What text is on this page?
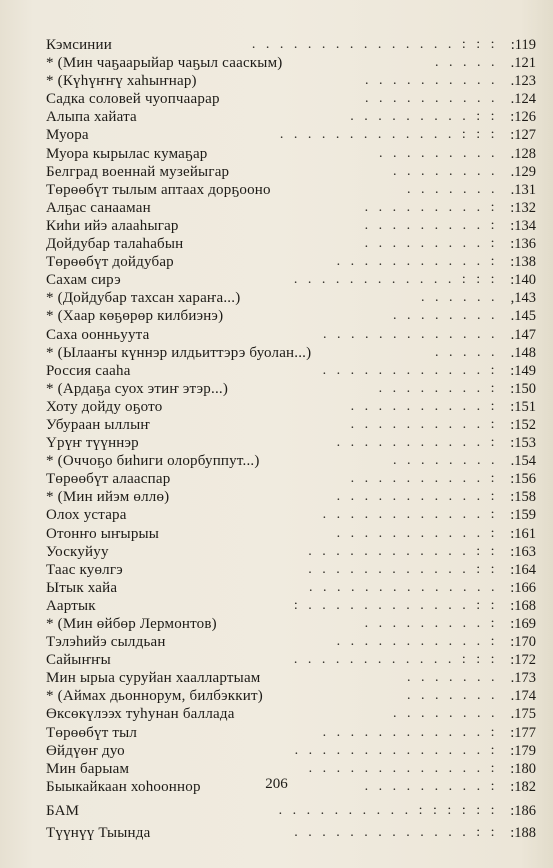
Кэмсинии	. . . . . . . . . . . . . . . : : : :119
* (Мин чаҕаарыйар чаҕыл сааскым)	. . . . . .121
* (Күһүҥҥү хаһыҥнар)	. . . . . . . . . . .123
Садка соловей чуопчаарар	. . . . . . . . . . .124
Алыпа хайата	. . . . . . . . . : : :126
Муора	. . . . . . . . . . . . . : : : :127
Муора кырылас кумаҕар	. . . . . . . . . .128
Белград военнай музейыгар	. . . . . . . . .129
Төрөөбүт тылым аптаах дорҕооно	. . . . . . . .131
Алҕас санааман	. . . . . . . . . : :132
Киһи ийэ алааһыгар	. . . . . . . . . : :134
Дойдубар талаһабын	. . . . . . . . . : :136
Төрөөбүт дойдубар	. . . . . . . . . . . : :138
Сахам сирэ	. . . . . . . . . . . . : : : :140
* (Дойдубар тахсан хараҥа...)	. . . . . . ,143
* (Хаар көҕөрөр килбиэнэ)	. . . . . . . . .145
Саха оонньуута	. . . . . . . . . . . . . .147
* (Ылааҥы күннэр илдьиттэрэ буолан...)	. . . . . .148
Россия сааһа	. . . . . . . . . . . . : :149
* (Ардаҕа суох этиҥ этэр...)	. . . . . . . . : :150
Хоту дойду оҕото	. . . . . . . . . . : :151
Убураан ыллыҥ	. . . . . . . . . . : :152
Үрүҥ түүннэр	. . . . . . . . . . . : :153
* (Оччоҕо биһиги олорбуппут...)	. . . . . . . . .154
Төрөөбүт алааспар	. . . . . . . . . . : :156
* (Мин ийэм өллө)	. . . . . . . . . . . : :158
Олох устара	. . . . . . . . . . . . : :159
Отонҥо ыҥырыы	. . . . . . . . . . . : :161
Уоскуйуу	. . . . . . . . . . . . : : :163
Таас куөлгэ	. . . . . . . . . . . . : : :164
Ытык хайа	. . . . . . . . . . . . . . :166
Аартык	: . . . . . . . . . . . . : : :168
* (Мин өйбөр Лермонтов)	. . . . . . . . . : :169
Тэлэһийэ сылдьан	. . . . . . . . . . . : :170
Сайыҥҥы	. . . . . . . . . . . . : : : :172
Мин ырыа суруйан хааллартыам	. . . . . . . .173
* (Аймах дьоннорум, билбэккит)	. . . . . . . .174
Өксөкүлээх туһунан баллада	. . . . . . . . .175
Төрөөбүт тыл	. . . . . . . . . . . . : :177
Өйдүөҥ дуо	. . . . . . . . . . . . . . : :179
Мин барыам	. . . . . . . . . . . . . : :180
Быыкайкаан хоһооннор	. . . . . . . . . : :182
БАМ	. . . . . . . . . . : : : : : : :186
Түүнүү Тыында	. . . . . . . . . . . . . : : :188
206
